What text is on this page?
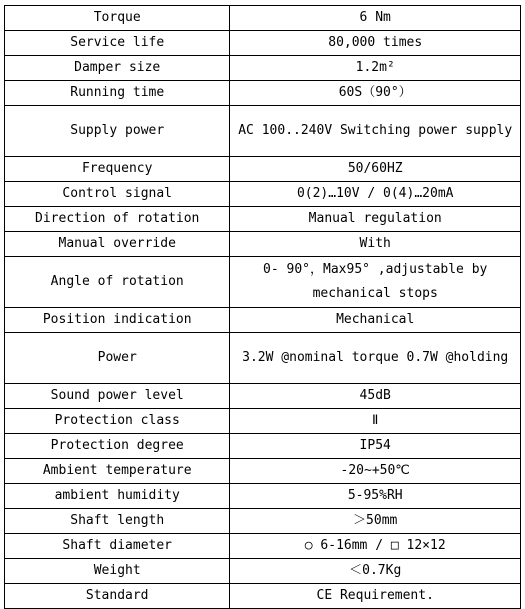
Torque	6 Nm
Service life	80,000 times
Damper size	1.2m²
Running time	60S（90°）
Supply power	AC 100..240V Switching power supply
Frequency	50/60HZ
Control signal	0(2)…10V / 0(4)…20mA
Direction of rotation	Manual regulation
Manual override	With
Angle of rotation	0- 90°，Max95° ,adjustable by mechanical stops
Position indication	Mechanical
Power	3.2W @nominal torque 0.7W @holding
Sound power level	45dB
Protection class	Ⅱ
Protection degree	IP54
Ambient temperature	-20~+50℃
ambient humidity	5-95%RH
Shaft length	＞50mm
Shaft diameter	○ 6-16mm / □ 12×12
Weight	＜0.7Kg
Standard	CE Requirement.
